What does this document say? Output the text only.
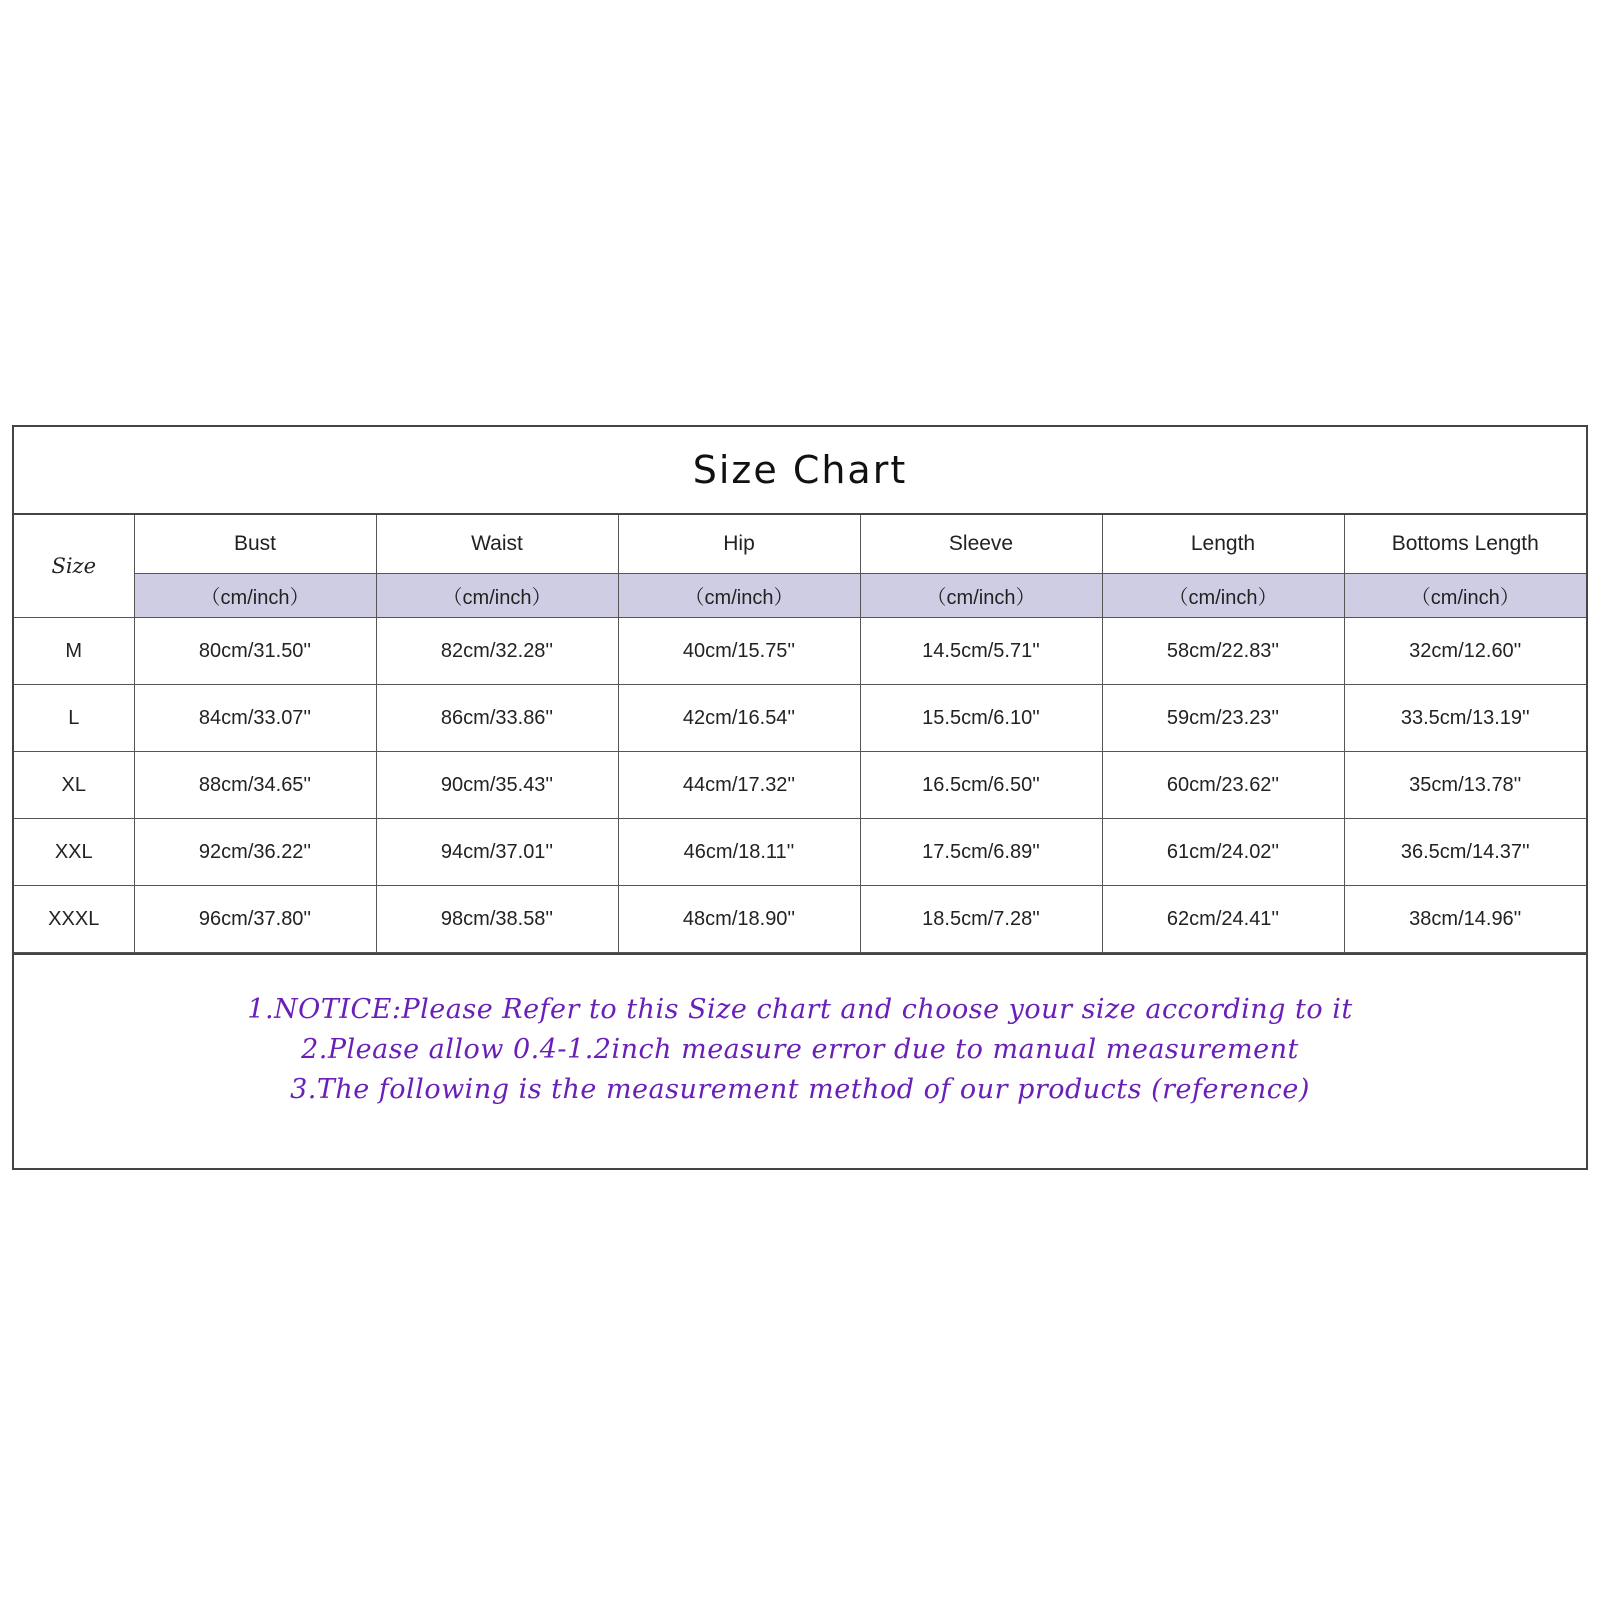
Size Chart
Size	Bust	Waist	Hip	Sleeve	Length	Bottoms Length
	（cm/inch）	（cm/inch）	（cm/inch）	（cm/inch）	（cm/inch）	（cm/inch）
M	80cm/31.50''	82cm/32.28''	40cm/15.75''	14.5cm/5.71''	58cm/22.83''	32cm/12.60''
L	84cm/33.07''	86cm/33.86''	42cm/16.54''	15.5cm/6.10''	59cm/23.23''	33.5cm/13.19''
XL	88cm/34.65''	90cm/35.43''	44cm/17.32''	16.5cm/6.50''	60cm/23.62''	35cm/13.78''
XXL	92cm/36.22''	94cm/37.01''	46cm/18.11''	17.5cm/6.89''	61cm/24.02''	36.5cm/14.37''
XXXL	96cm/37.80''	98cm/38.58''	48cm/18.90''	18.5cm/7.28''	62cm/24.41''	38cm/14.96''
1.NOTICE:Please Refer to this Size chart and choose your size according to it
2.Please allow 0.4-1.2inch measure error due to manual measurement
3.The following is the measurement method of our products (reference)
